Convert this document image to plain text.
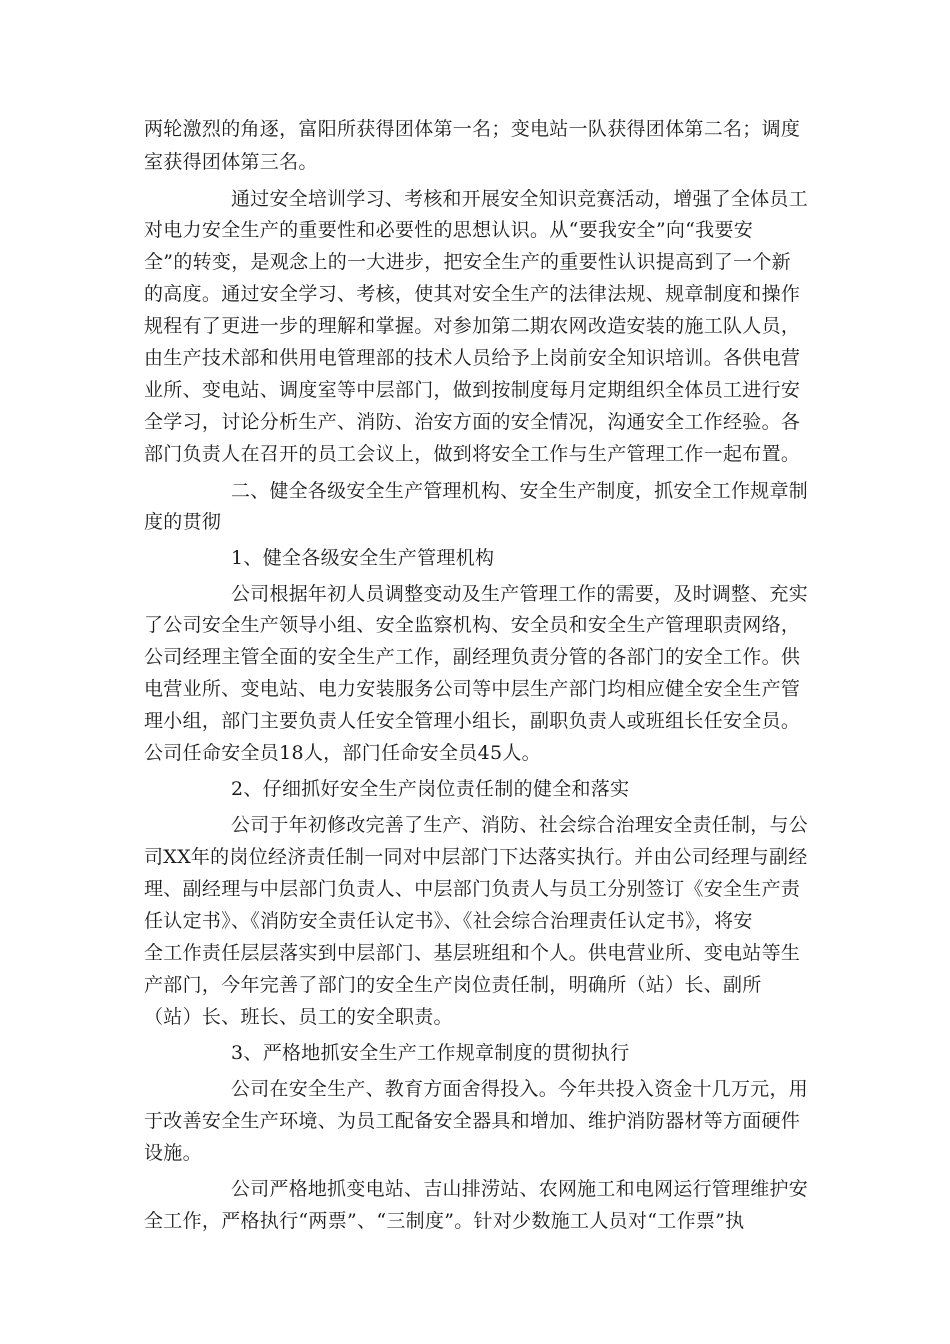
两轮激烈的角逐，富阳所获得团体第一名；变电站一队获得团体第二名；调度
室获得团体第三名。
通过安全培训学习、考核和开展安全知识竞赛活动，增强了全体员工
对电力安全生产的重要性和必要性的思想认识。从“要我安全”向“我要安
全”的转变，是观念上的一大进步，把安全生产的重要性认识提高到了一个新
的高度。通过安全学习、考核，使其对安全生产的法律法规、规章制度和操作
规程有了更进一步的理解和掌握。对参加第二期农网改造安装的施工队人员，
由生产技术部和供用电管理部的技术人员给予上岗前安全知识培训。各供电营
业所、变电站、调度室等中层部门，做到按制度每月定期组织全体员工进行安
全学习，讨论分析生产、消防、治安方面的安全情况，沟通安全工作经验。各
部门负责人在召开的员工会议上，做到将安全工作与生产管理工作一起布置。
二、健全各级安全生产管理机构、安全生产制度，抓安全工作规章制
度的贯彻
1、健全各级安全生产管理机构
公司根据年初人员调整变动及生产管理工作的需要，及时调整、充实
了公司安全生产领导小组、安全监察机构、安全员和安全生产管理职责网络，
公司经理主管全面的安全生产工作，副经理负责分管的各部门的安全工作。供
电营业所、变电站、电力安装服务公司等中层生产部门均相应健全安全生产管
理小组，部门主要负责人任安全管理小组长，副职负责人或班组长任安全员。
公司任命安全员18人，部门任命安全员45人。
2、仔细抓好安全生产岗位责任制的健全和落实
公司于年初修改完善了生产、消防、社会综合治理安全责任制，与公
司XX年的岗位经济责任制一同对中层部门下达落实执行。并由公司经理与副经
理、副经理与中层部门负责人、中层部门负责人与员工分别签订《安全生产责
任认定书》、《消防安全责任认定书》、《社会综合治理责任认定书》，将安
全工作责任层层落实到中层部门、基层班组和个人。供电营业所、变电站等生
产部门，今年完善了部门的安全生产岗位责任制，明确所（站）长、副所
（站）长、班长、员工的安全职责。
3、严格地抓安全生产工作规章制度的贯彻执行
公司在安全生产、教育方面舍得投入。今年共投入资金十几万元，用
于改善安全生产环境、为员工配备安全器具和增加、维护消防器材等方面硬件
设施。
公司严格地抓变电站、吉山排涝站、农网施工和电网运行管理维护安
全工作，严格执行“两票”、“三制度”。针对少数施工人员对“工作票”执
